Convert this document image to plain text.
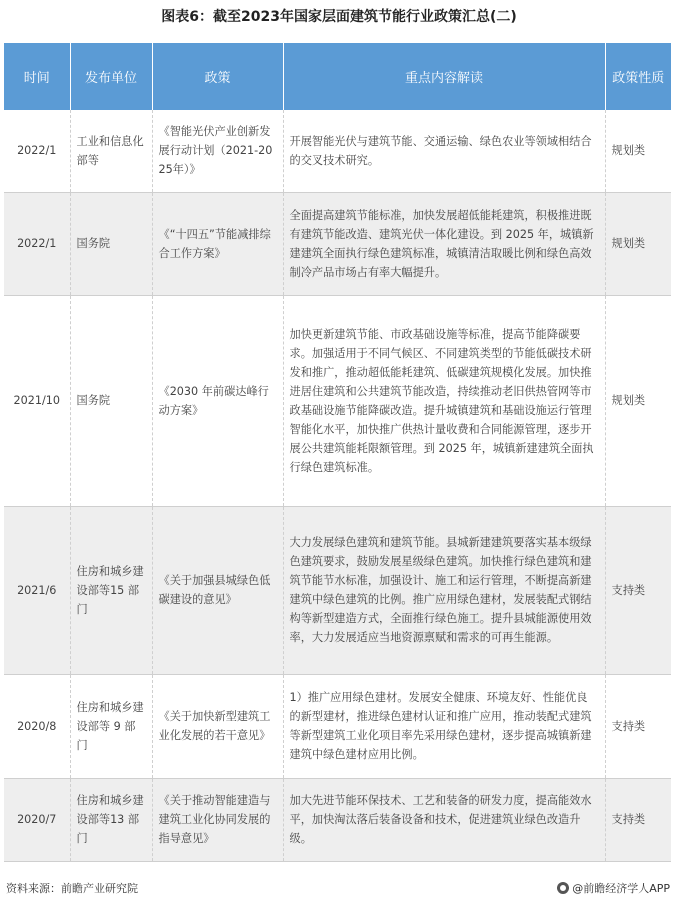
图表6：截至2023年国家层面建筑节能行业政策汇总(二)
时间	发布单位	政策	重点内容解读	政策性质
2022/1	工业和信息化部等	《智能光伏产业创新发展行动计划（2021-2025年）》	开展智能光伏与建筑节能、交通运输、绿色农业等领域相结合的交叉技术研究。	规划类
2022/1	国务院	《“十四五”节能减排综合工作方案》	全面提高建筑节能标准，加快发展超低能耗建筑，积极推进既有建筑节能改造、建筑光伏一体化建设。到 2025 年，城镇新建建筑全面执行绿色建筑标准，城镇清洁取暖比例和绿色高效制冷产品市场占有率大幅提升。	规划类
2021/10	国务院	《2030 年前碳达峰行动方案》	加快更新建筑节能、市政基础设施等标准，提高节能降碳要求。加强适用于不同气候区、不同建筑类型的节能低碳技术研发和推广，推动超低能耗建筑、低碳建筑规模化发展。加快推进居住建筑和公共建筑节能改造，持续推动老旧供热管网等市政基础设施节能降碳改造。提升城镇建筑和基础设施运行管理智能化水平，加快推广供热计量收费和合同能源管理，逐步开展公共建筑能耗限额管理。到 2025 年，城镇新建建筑全面执行绿色建筑标准。	规划类
2021/6	住房和城乡建设部等15 部门	《关于加强县城绿色低碳建设的意见》	大力发展绿色建筑和建筑节能。县城新建建筑要落实基本级绿色建筑要求，鼓励发展星级绿色建筑。加快推行绿色建筑和建筑节能节水标准，加强设计、施工和运行管理，不断提高新建建筑中绿色建筑的比例。推广应用绿色建材，发展装配式钢结构等新型建造方式，全面推行绿色施工。提升县城能源使用效率，大力发展适应当地资源禀赋和需求的可再生能源。	支持类
2020/8	住房和城乡建设部等 9 部门	《关于加快新型建筑工业化发展的若干意见》	1）推广应用绿色建材。发展安全健康、环境友好、性能优良的新型建材，推进绿色建材认证和推广应用，推动装配式建筑等新型建筑工业化项目率先采用绿色建材，逐步提高城镇新建建筑中绿色建材应用比例。	支持类
2020/7	住房和城乡建设部等13 部门	《关于推动智能建造与建筑工业化协同发展的指导意见》	加大先进节能环保技术、工艺和装备的研发力度，提高能效水平，加快淘汰落后装备设备和技术，促进建筑业绿色改造升级。	支持类
资料来源：前瞻产业研究院	@前瞻经济学人APP
